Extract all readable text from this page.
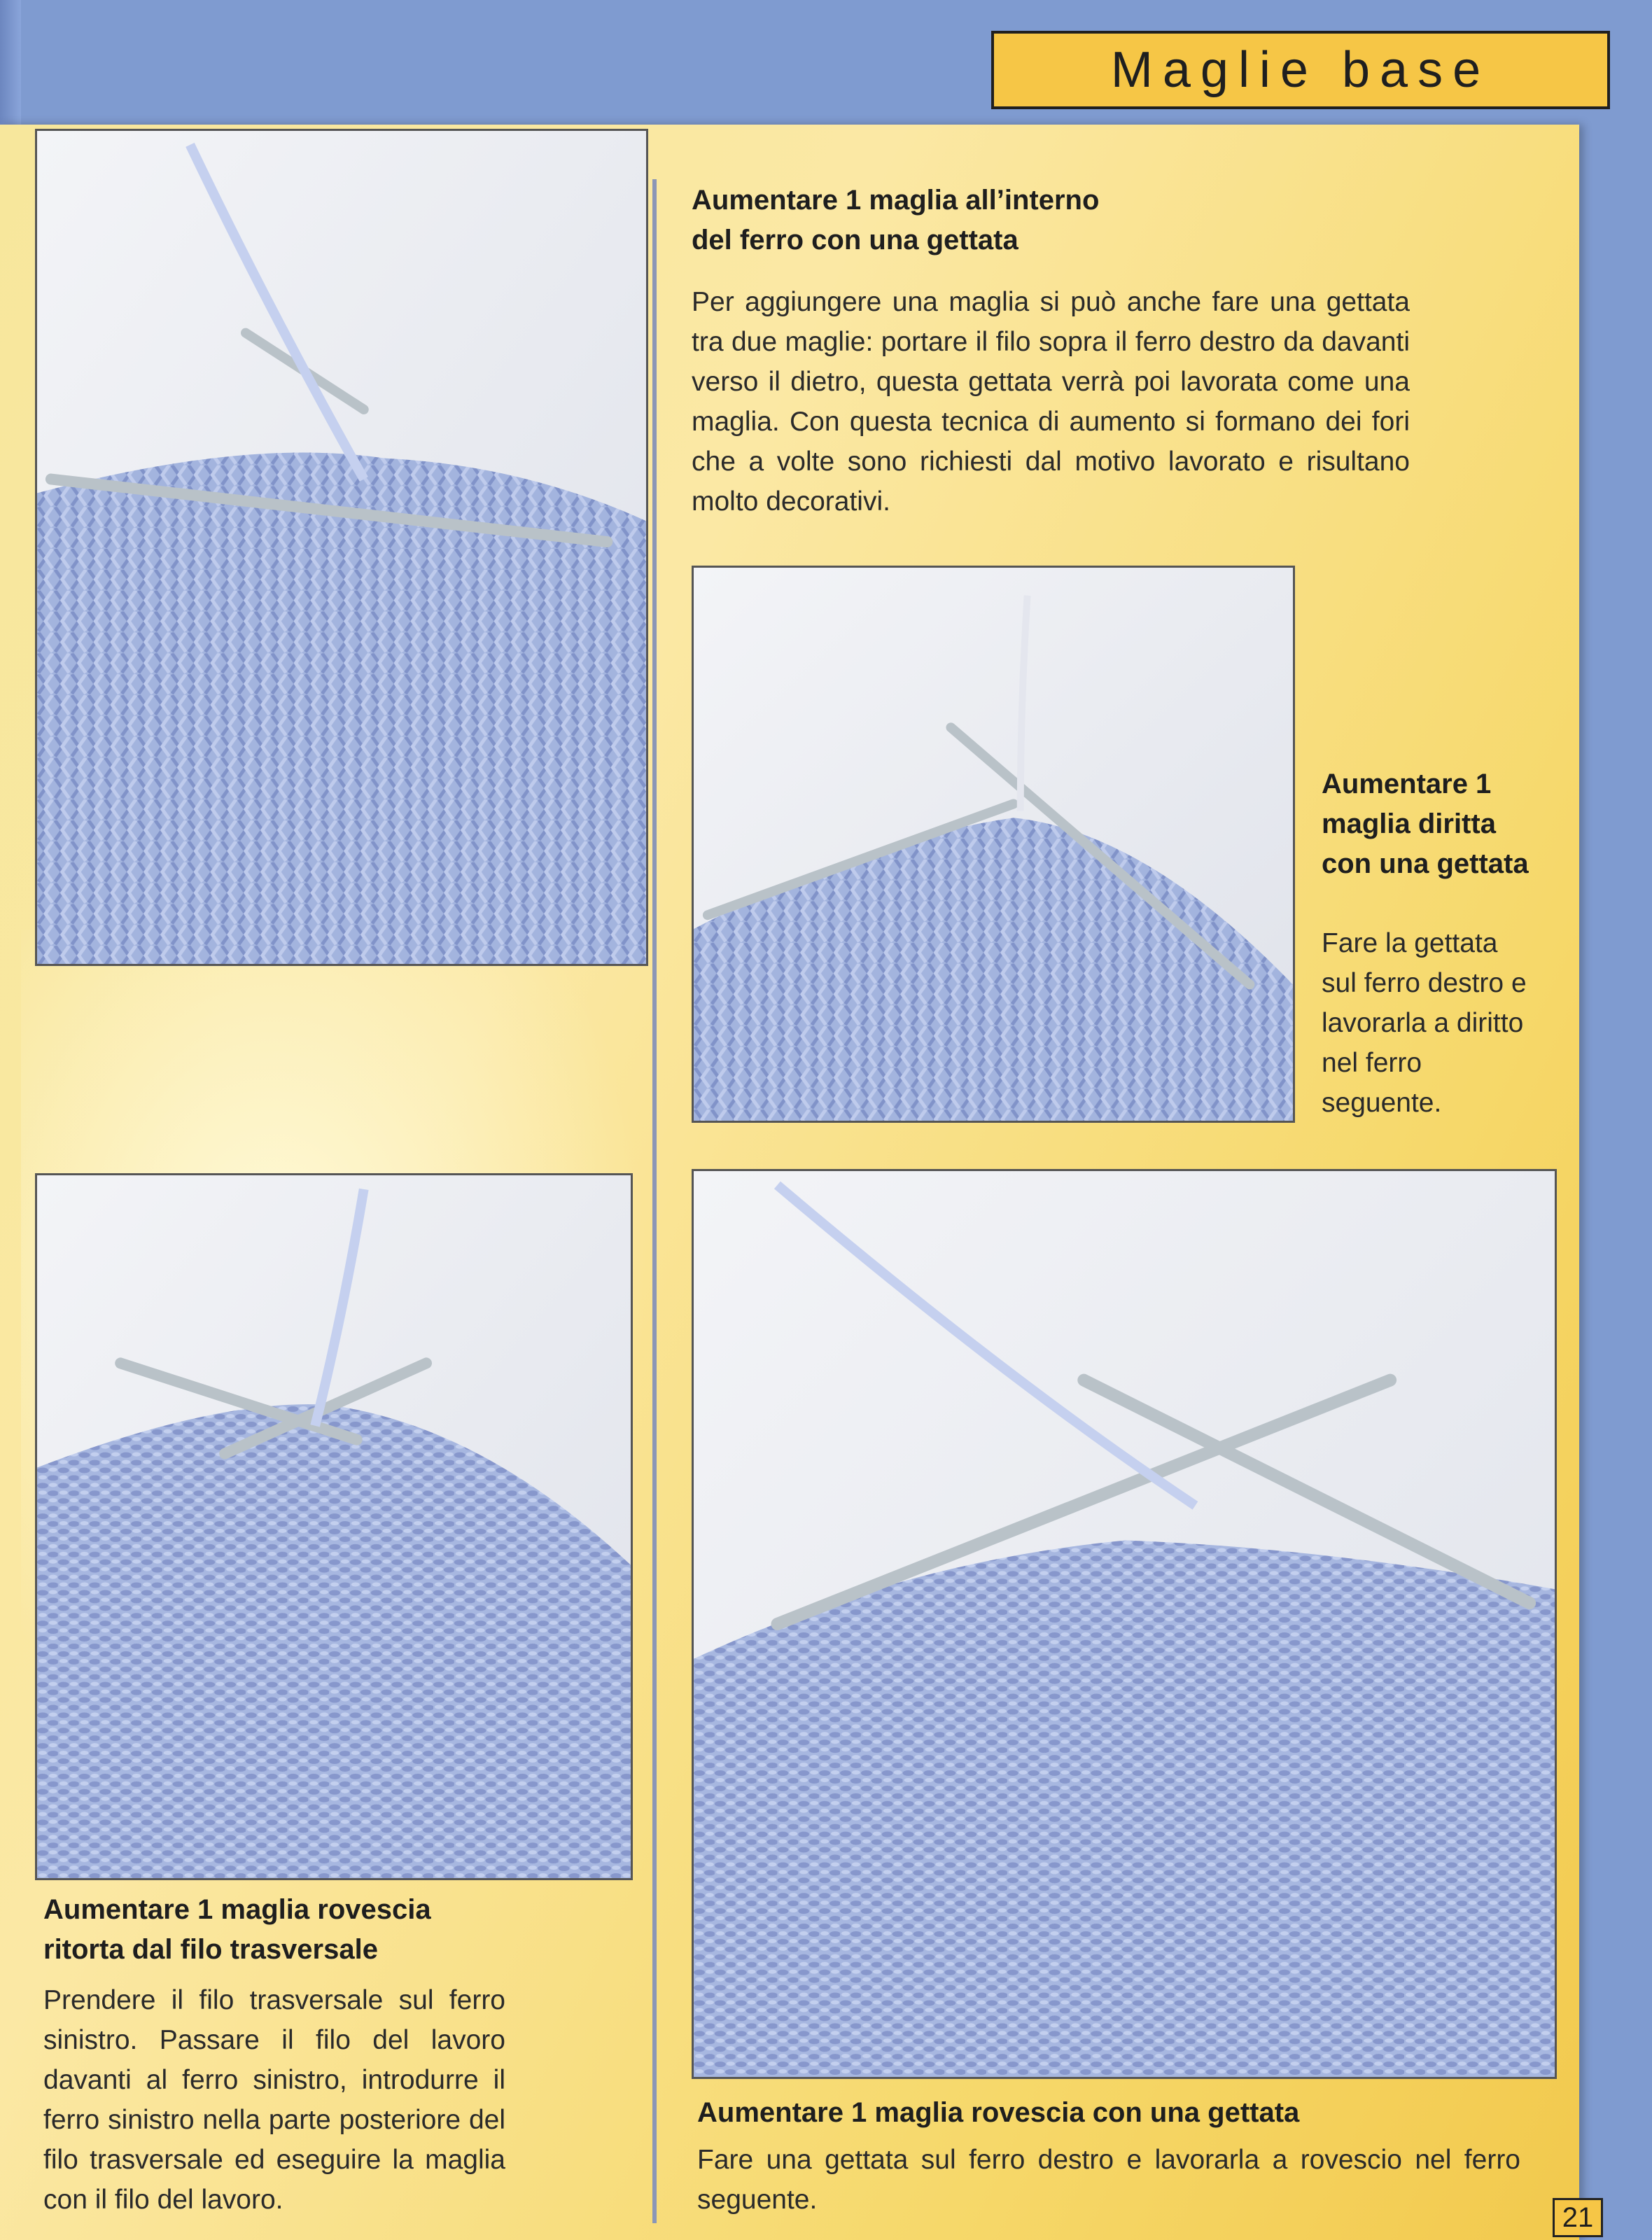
Maglie base
Aumentare 1 maglia all’interno
del ferro con una gettata

Per aggiungere una maglia si può anche fare una gettata tra due maglie: portare il filo sopra il ferro destro da davanti verso il dietro, questa gettata verrà poi lavorata come una maglia. Con questa tecnica di aumento si formano dei fori che a volte sono richiesti dal motivo lavorato e risultano molto decorativi.

Aumentare 1
maglia diritta
con una gettata

Fare la gettata sul ferro destro e lavorarla a diritto nel ferro seguente.

Aumentare 1 maglia rovescia
ritorta dal filo trasversale

Prendere il filo trasversale sul ferro sinistro. Passare il filo del lavoro davanti al ferro sinistro, introdurre il ferro sinistro nella parte posteriore del filo trasversale ed eseguire la maglia con il filo del lavoro.

Aumentare 1 maglia rovescia con una gettata

Fare una gettata sul ferro destro e lavorarla a rovescio nel ferro seguente.

21
